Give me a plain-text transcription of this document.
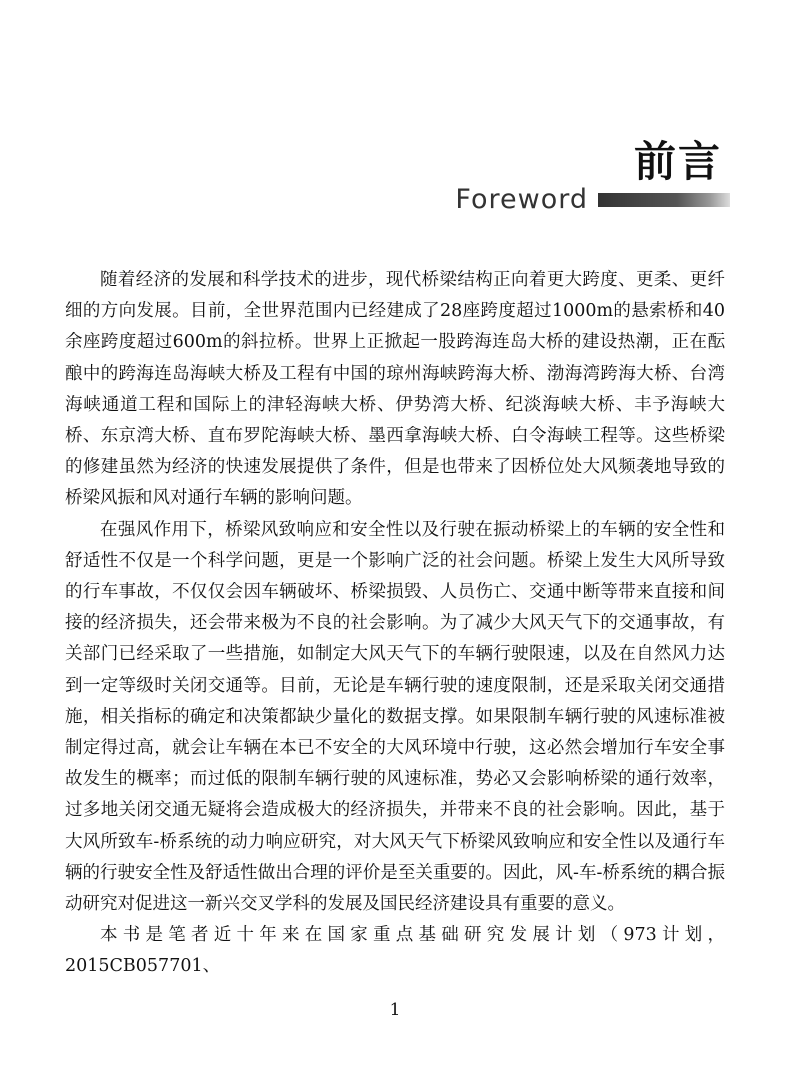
前言
Foreword

随着经济的发展和科学技术的进步，现代桥梁结构正向着更大跨度、更柔、更纤细的方向发展。目前，全世界范围内已经建成了28座跨度超过1000m的悬索桥和40余座跨度超过600m的斜拉桥。世界上正掀起一股跨海连岛大桥的建设热潮，正在酝酿中的跨海连岛海峡大桥及工程有中国的琼州海峡跨海大桥、渤海湾跨海大桥、台湾海峡通道工程和国际上的津轻海峡大桥、伊势湾大桥、纪淡海峡大桥、丰予海峡大桥、东京湾大桥、直布罗陀海峡大桥、墨西拿海峡大桥、白令海峡工程等。这些桥梁的修建虽然为经济的快速发展提供了条件，但是也带来了因桥位处大风频袭地导致的桥梁风振和风对通行车辆的影响问题。

在强风作用下，桥梁风致响应和安全性以及行驶在振动桥梁上的车辆的安全性和舒适性不仅是一个科学问题，更是一个影响广泛的社会问题。桥梁上发生大风所导致的行车事故，不仅仅会因车辆破坏、桥梁损毁、人员伤亡、交通中断等带来直接和间接的经济损失，还会带来极为不良的社会影响。为了减少大风天气下的交通事故，有关部门已经采取了一些措施，如制定大风天气下的车辆行驶限速，以及在自然风力达到一定等级时关闭交通等。目前，无论是车辆行驶的速度限制，还是采取关闭交通措施，相关指标的确定和决策都缺少量化的数据支撑。如果限制车辆行驶的风速标准被制定得过高，就会让车辆在本已不安全的大风环境中行驶，这必然会增加行车安全事故发生的概率；而过低的限制车辆行驶的风速标准，势必又会影响桥梁的通行效率，过多地关闭交通无疑将会造成极大的经济损失，并带来不良的社会影响。因此，基于大风所致车-桥系统的动力响应研究，对大风天气下桥梁风致响应和安全性以及通行车辆的行驶安全性及舒适性做出合理的评价是至关重要的。因此，风-车-桥系统的耦合振动研究对促进这一新兴交叉学科的发展及国民经济建设具有重要的意义。

本书是笔者近十年来在国家重点基础研究发展计划（973计划，2015CB057701、

1
